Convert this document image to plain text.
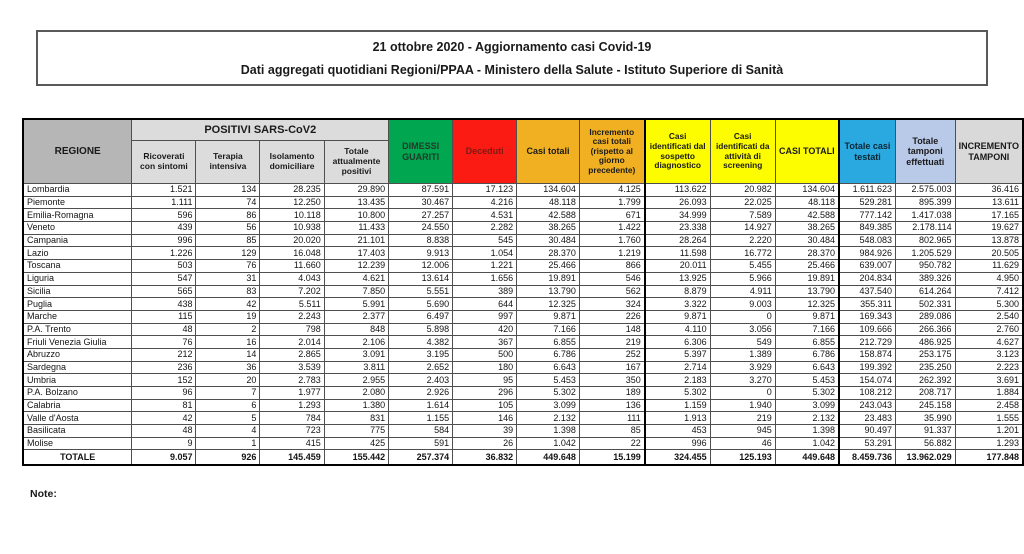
21 ottobre 2020 - Aggiornamento casi Covid-19
Dati aggregati quotidiani Regioni/PPAA - Ministero della Salute - Istituto Superiore di Sanità
REGIONE	POSITIVI SARS-CoV2				DIMESSI GUARITI	Deceduti	Casi totali	Incremento casi totali (rispetto al giorno precedente)	Casi identificati dal sospetto diagnostico	Casi identificati da attività di screening	CASI TOTALI	Totale casi testati	Totale tamponi effettuati	INCREMENTO TAMPONI
	Ricoverati con sintomi	Terapia intensiva	Isolamento domiciliare	Totale attualmente positivi										
Lombardia	1.521	134	28.235	29.890	87.591	17.123	134.604	4.125	113.622	20.982	134.604	1.611.623	2.575.003	36.416
Piemonte	1.111	74	12.250	13.435	30.467	4.216	48.118	1.799	26.093	22.025	48.118	529.281	895.399	13.611
Emilia-Romagna	596	86	10.118	10.800	27.257	4.531	42.588	671	34.999	7.589	42.588	777.142	1.417.038	17.165
Veneto	439	56	10.938	11.433	24.550	2.282	38.265	1.422	23.338	14.927	38.265	849.385	2.178.114	19.627
Campania	996	85	20.020	21.101	8.838	545	30.484	1.760	28.264	2.220	30.484	548.083	802.965	13.878
Lazio	1.226	129	16.048	17.403	9.913	1.054	28.370	1.219	11.598	16.772	28.370	984.926	1.205.529	20.505
Toscana	503	76	11.660	12.239	12.006	1.221	25.466	866	20.011	5.455	25.466	639.007	950.782	11.629
Liguria	547	31	4.043	4.621	13.614	1.656	19.891	546	13.925	5.966	19.891	204.834	389.326	4.950
Sicilia	565	83	7.202	7.850	5.551	389	13.790	562	8.879	4.911	13.790	437.540	614.264	7.412
Puglia	438	42	5.511	5.991	5.690	644	12.325	324	3.322	9.003	12.325	355.311	502.331	5.300
Marche	115	19	2.243	2.377	6.497	997	9.871	226	9.871	0	9.871	169.343	289.086	2.540
P.A. Trento	48	2	798	848	5.898	420	7.166	148	4.110	3.056	7.166	109.666	266.366	2.760
Friuli Venezia Giulia	76	16	2.014	2.106	4.382	367	6.855	219	6.306	549	6.855	212.729	486.925	4.627
Abruzzo	212	14	2.865	3.091	3.195	500	6.786	252	5.397	1.389	6.786	158.874	253.175	3.123
Sardegna	236	36	3.539	3.811	2.652	180	6.643	167	2.714	3.929	6.643	199.392	235.250	2.223
Umbria	152	20	2.783	2.955	2.403	95	5.453	350	2.183	3.270	5.453	154.074	262.392	3.691
P.A. Bolzano	96	7	1.977	2.080	2.926	296	5.302	189	5.302	0	5.302	108.212	208.717	1.884
Calabria	81	6	1.293	1.380	1.614	105	3.099	136	1.159	1.940	3.099	243.043	245.158	2.458
Valle d'Aosta	42	5	784	831	1.155	146	2.132	111	1.913	219	2.132	23.483	35.990	1.555
Basilicata	48	4	723	775	584	39	1.398	85	453	945	1.398	90.497	91.337	1.201
Molise	9	1	415	425	591	26	1.042	22	996	46	1.042	53.291	56.882	1.293
TOTALE	9.057	926	145.459	155.442	257.374	36.832	449.648	15.199	324.455	125.193	449.648	8.459.736	13.962.029	177.848
Note:
